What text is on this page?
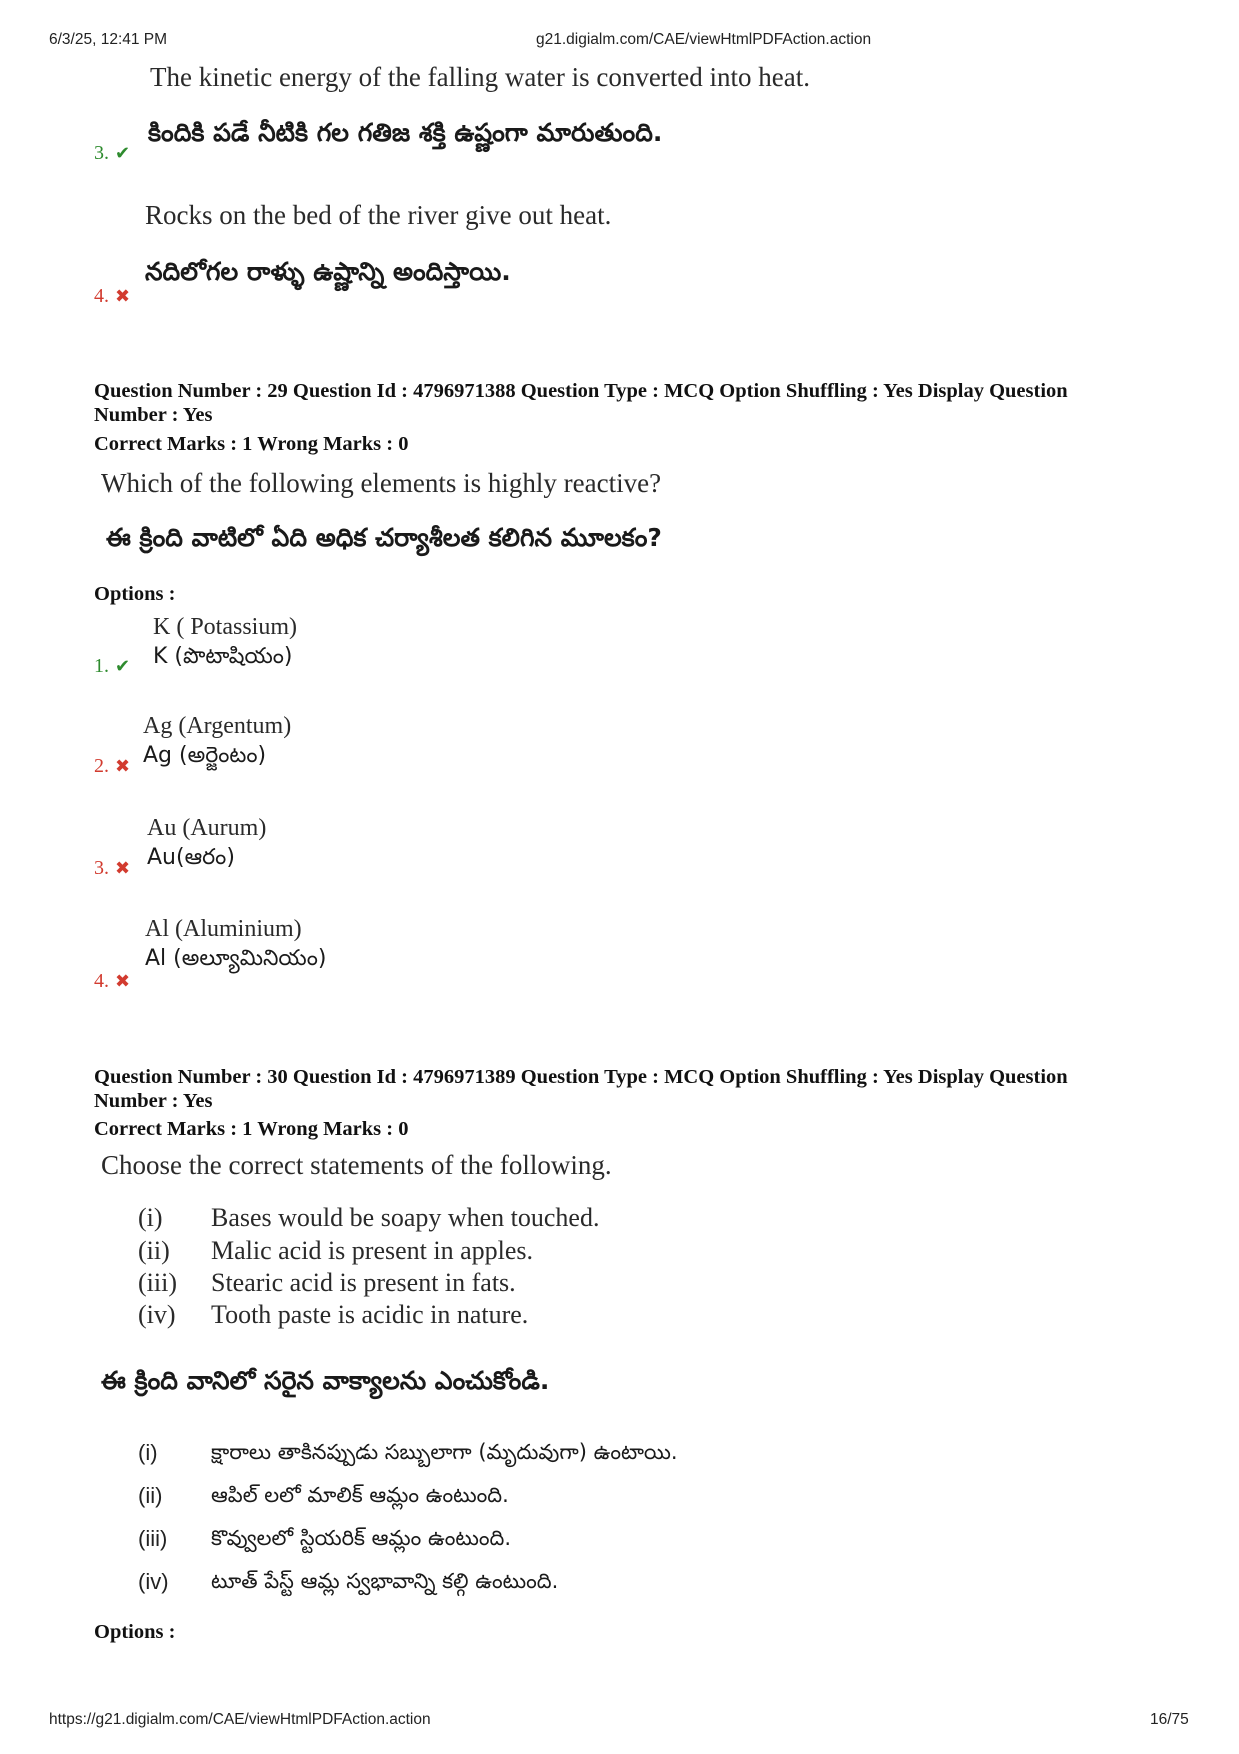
6/3/25, 12:41 PM	g21.digialm.com/CAE/viewHtmlPDFAction.action
The kinetic energy of the falling water is converted into heat.
కిందికి పడే నీటికి గల గతిజ శక్తి ఉష్ణంగా మారుతుంది.
3. ✔
Rocks on the bed of the river give out heat.
నదిలోగల రాళ్ళు ఉష్ణాన్ని అందిస్తాయి.
4. ✖
Question Number : 29 Question Id : 4796971388 Question Type : MCQ Option Shuffling : Yes Display Question
Number : Yes
Correct Marks : 1 Wrong Marks : 0
Which of the following elements is highly reactive?
ఈ క్రింది వాటిలో ఏది అధిక చర్యాశీలత కలిగిన మూలకం?
Options :
K ( Potassium)
K (పొటాషియం)
1. ✔
Ag (Argentum)
Ag (అర్జెంటం)
2. ✖
Au (Aurum)
Au(ఆరం)
3. ✖
Al (Aluminium)
Al (అల్యూమినియం)
4. ✖
Question Number : 30 Question Id : 4796971389 Question Type : MCQ Option Shuffling : Yes Display Question
Number : Yes
Correct Marks : 1 Wrong Marks : 0
Choose the correct statements of the following.
(i) Bases would be soapy when touched.
(ii) Malic acid is present in apples.
(iii) Stearic acid is present in fats.
(iv) Tooth paste is acidic in nature.
ఈ క్రింది వానిలో సరైన వాక్యాలను ఎంచుకోండి.
(i)	క్షారాలు తాకినప్పుడు సబ్బులాగా (మృదువుగా) ఉంటాయి.
(ii) ఆపిల్ లలో మాలిక్ ఆమ్లం ఉంటుంది.
(iii) కొవ్వులలో స్టియరిక్ ఆమ్లం ఉంటుంది.
(iv) టూత్ పేస్ట్ ఆమ్ల స్వభావాన్ని కల్గి ఉంటుంది.
Options :
https://g21.digialm.com/CAE/viewHtmlPDFAction.action	16/75
